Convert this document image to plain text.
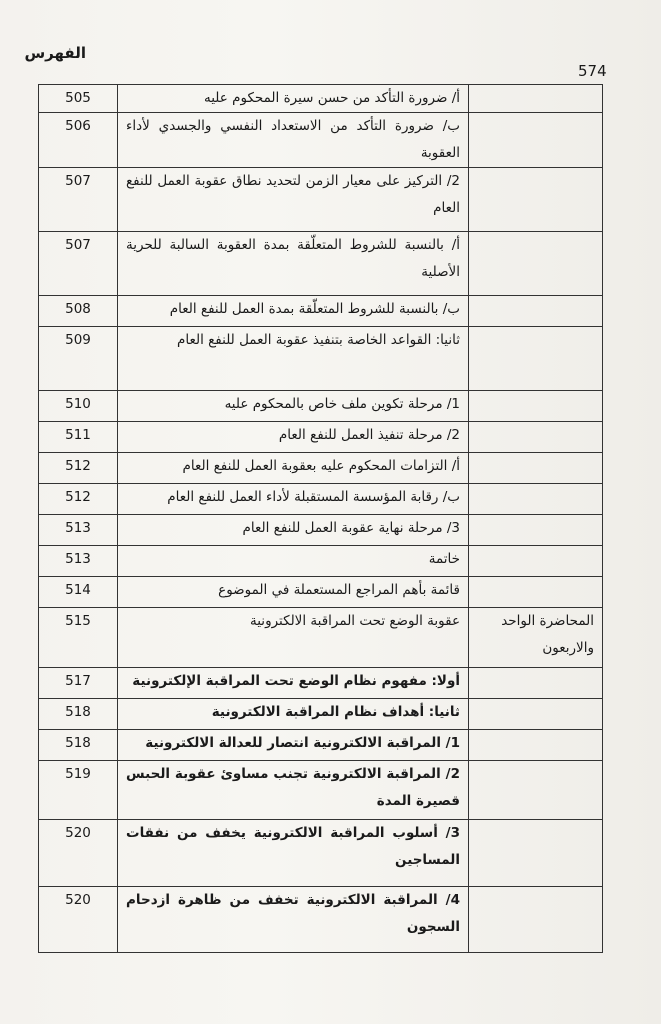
الفهرس
574
	أ/ ضرورة التأكد من حسن سيرة المحكوم عليه	505
	ب/ ضرورة التأكد من الاستعداد النفسي والجسدي لأداء العقوبة	506
	2/ التركيز على معيار الزمن لتحديد نطاق عقوبة العمل للنفع العام	507
	أ/ بالنسبة للشروط المتعلّقة بمدة العقوبة السالبة للحرية الأصلية	507
	ب/ بالنسبة للشروط المتعلّقة بمدة العمل للنفع العام	508
	ثانيا: القواعد الخاصة بتنفيذ عقوبة العمل للنفع العام	509
	1/ مرحلة تكوين ملف خاص بالمحكوم عليه	510
	2/ مرحلة تنفيذ العمل للنفع العام	511
	أ/ التزامات المحكوم عليه بعقوبة العمل للنفع العام	512
	ب/ رقابة المؤسسة المستقبلة لأداء العمل للنفع العام	512
	3/ مرحلة نهاية عقوبة العمل للنفع العام	513
	خاتمة	513
	قائمة بأهم المراجع المستعملة في الموضوع	514
المحاضرة الواحد والاربعون	عقوبة الوضع تحت المراقبة الالكترونية	515
	أولا: مفهوم نظام الوضع تحت المراقبة الإلكترونية	517
	ثانيا: أهداف نظام المراقبة الالكترونية	518
	1/ المراقبة الالكترونية انتصار للعدالة الالكترونية	518
	2/ المراقبة الالكترونية تجنب مساوئ عقوبة الحبس قصيرة المدة	519
	3/ أسلوب المراقبة الالكترونية يخفف من نفقات المساجين	520
	4/ المراقبة الالكترونية تخفف من ظاهرة ازدحام السجون	520
